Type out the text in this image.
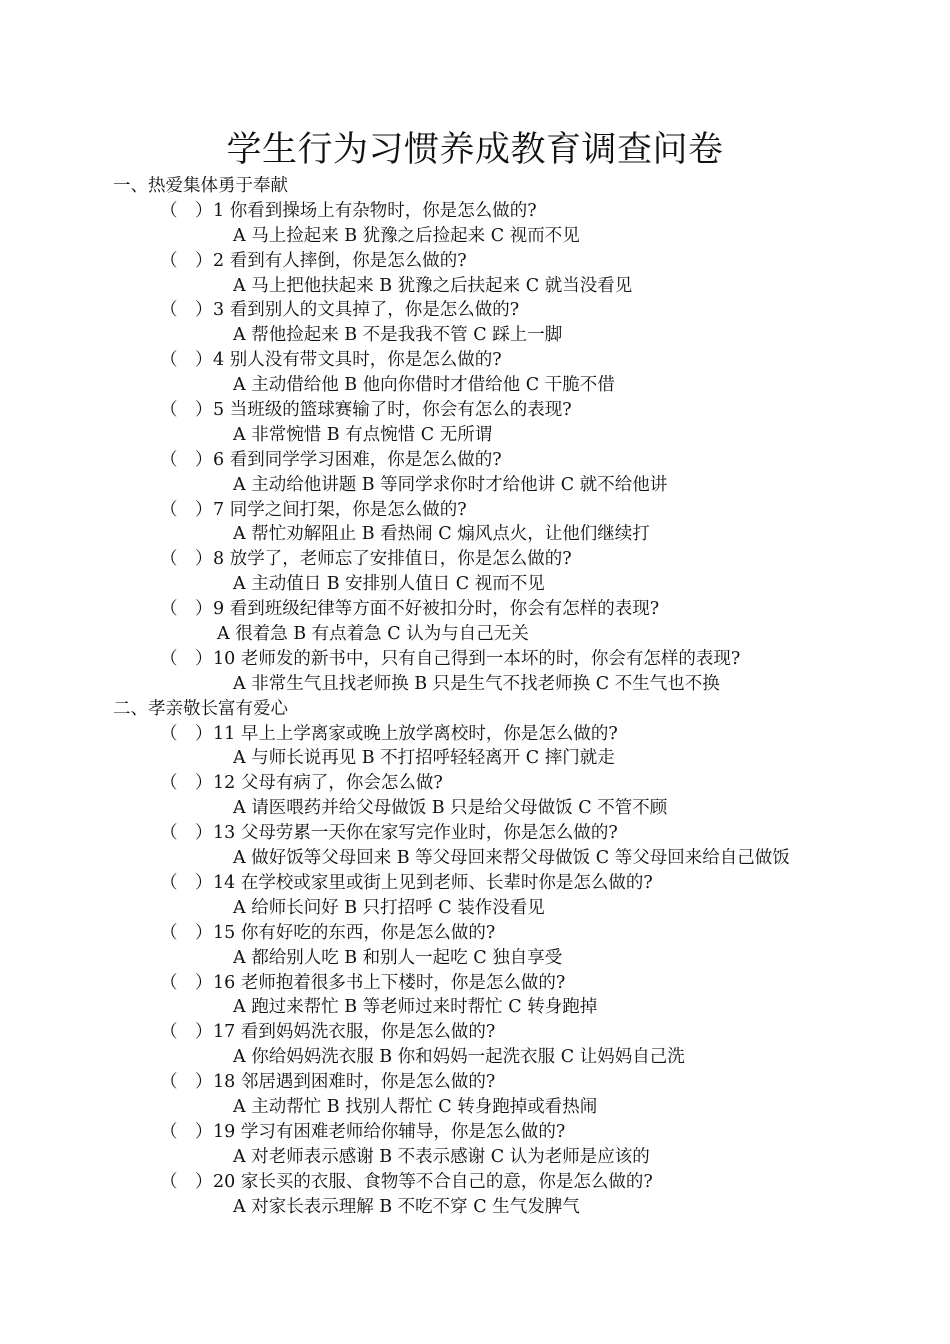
学生行为习惯养成教育调查问卷
一、热爱集体勇于奉献
（　）1 你看到操场上有杂物时，你是怎么做的?
A 马上捡起来 B 犹豫之后捡起来 C 视而不见
（　）2 看到有人摔倒，你是怎么做的?
A 马上把他扶起来 B 犹豫之后扶起来 C 就当没看见
（　）3 看到别人的文具掉了，你是怎么做的?
A 帮他捡起来 B 不是我我不管 C 踩上一脚
（　）4 别人没有带文具时，你是怎么做的?
A 主动借给他 B 他向你借时才借给他 C 干脆不借
（　）5 当班级的篮球赛输了时，你会有怎么的表现?
A 非常惋惜 B 有点惋惜 C 无所谓
（　）6 看到同学学习困难，你是怎么做的?
A 主动给他讲题 B 等同学求你时才给他讲 C 就不给他讲
（　）7 同学之间打架，你是怎么做的?
A 帮忙劝解阻止 B 看热闹 C 煽风点火，让他们继续打
（　）8 放学了，老师忘了安排值日，你是怎么做的?
A 主动值日 B 安排别人值日 C 视而不见
（　）9 看到班级纪律等方面不好被扣分时，你会有怎样的表现?
A 很着急 B 有点着急 C 认为与自己无关
（　）10 老师发的新书中，只有自己得到一本坏的时，你会有怎样的表现?
A 非常生气且找老师换 B 只是生气不找老师换 C 不生气也不换
二、孝亲敬长富有爱心
（　）11 早上上学离家或晚上放学离校时，你是怎么做的?
A 与师长说再见 B 不打招呼轻轻离开 C 摔门就走
（　）12 父母有病了，你会怎么做?
A 请医喂药并给父母做饭 B 只是给父母做饭 C 不管不顾
（　）13 父母劳累一天你在家写完作业时，你是怎么做的?
A 做好饭等父母回来 B 等父母回来帮父母做饭 C 等父母回来给自己做饭
（　）14 在学校或家里或街上见到老师、长辈时你是怎么做的?
A 给师长问好 B 只打招呼 C 装作没看见
（　）15 你有好吃的东西，你是怎么做的?
A 都给别人吃 B 和别人一起吃 C 独自享受
（　）16 老师抱着很多书上下楼时，你是怎么做的?
A 跑过来帮忙 B 等老师过来时帮忙 C 转身跑掉
（　）17 看到妈妈洗衣服，你是怎么做的?
A 你给妈妈洗衣服 B 你和妈妈一起洗衣服 C 让妈妈自己洗
（　）18 邻居遇到困难时，你是怎么做的?
A 主动帮忙 B 找别人帮忙 C 转身跑掉或看热闹
（　）19 学习有困难老师给你辅导，你是怎么做的?
A 对老师表示感谢 B 不表示感谢 C 认为老师是应该的
（　）20 家长买的衣服、食物等不合自己的意，你是怎么做的?
A 对家长表示理解 B 不吃不穿 C 生气发脾气
